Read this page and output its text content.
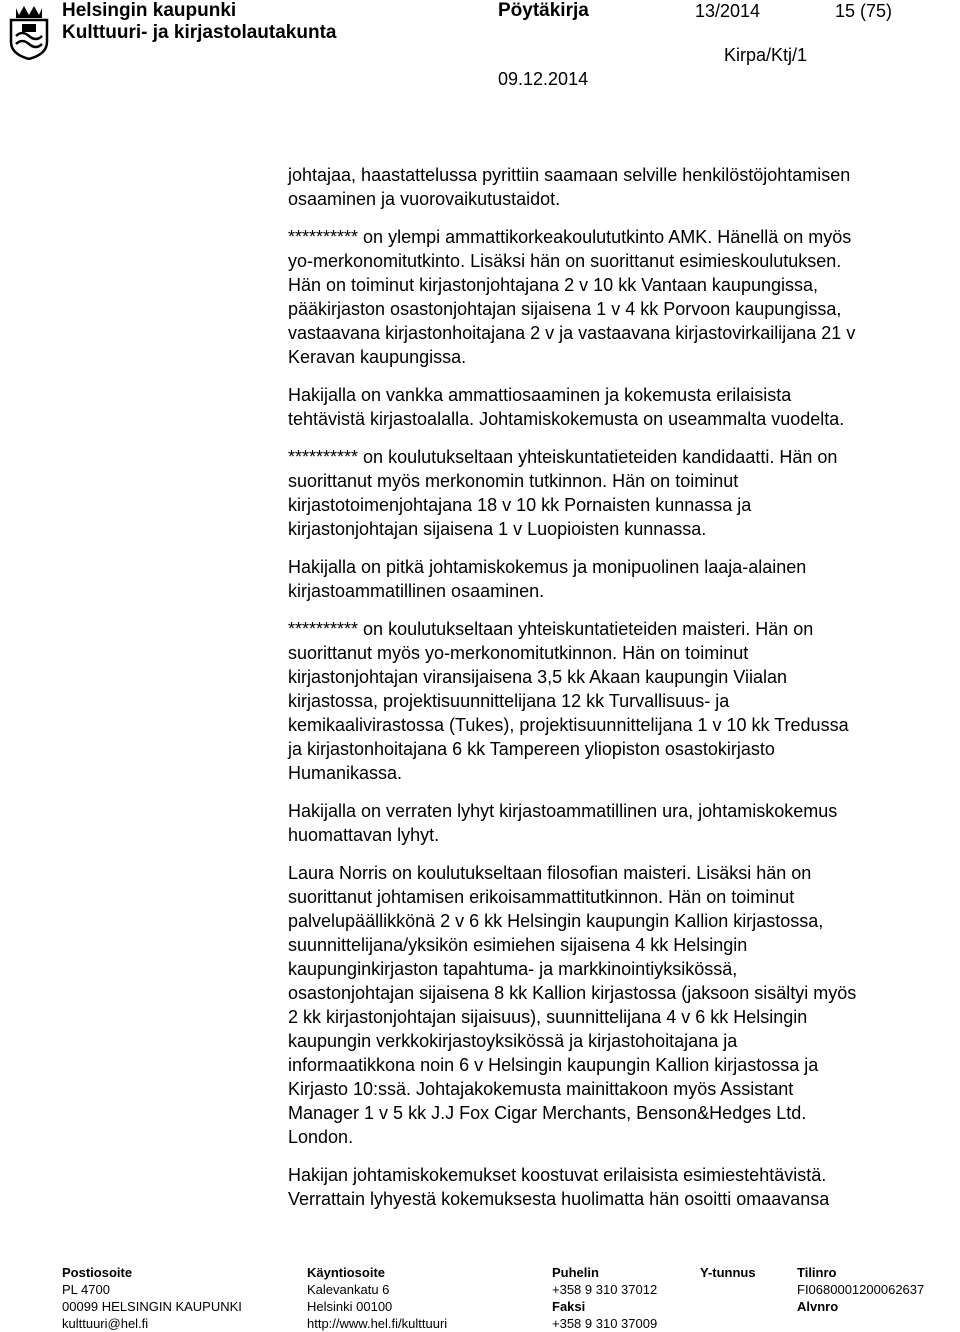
Helsingin kaupunki
Kulttuuri- ja kirjastolautakunta
Pöytäkirja	13/2014	15 (75)
Kirpa/Ktj/1
09.12.2014

johtajaa, haastattelussa pyrittiin saamaan selville henkilöstöjohtamisen
osaaminen ja vuorovaikutustaidot.

********** on ylempi ammattikorkeakoulututkinto AMK. Hänellä on myös
yo-merkonomitutkinto. Lisäksi hän on suorittanut esimieskoulutuksen.
Hän on toiminut kirjastonjohtajana 2 v 10 kk Vantaan kaupungissa,
pääkirjaston osastonjohtajan sijaisena 1 v 4 kk Porvoon kaupungissa,
vastaavana kirjastonhoitajana 2 v ja vastaavana kirjastovirkailijana 21 v
Keravan kaupungissa.

Hakijalla on vankka ammattiosaaminen ja kokemusta erilaisista
tehtävistä kirjastoalalla. Johtamiskokemusta on useammalta vuodelta.

********** on koulutukseltaan yhteiskuntatieteiden kandidaatti. Hän on
suorittanut myös merkonomin tutkinnon. Hän on toiminut
kirjastotoimenjohtajana 18 v 10 kk Pornaisten kunnassa ja
kirjastonjohtajan sijaisena 1 v Luopioisten kunnassa.

Hakijalla on pitkä johtamiskokemus ja monipuolinen laaja-alainen
kirjastoammatillinen osaaminen.

********** on koulutukseltaan yhteiskuntatieteiden maisteri. Hän on
suorittanut myös yo-merkonomitutkinnon. Hän on toiminut
kirjastonjohtajan viransijaisena 3,5 kk Akaan kaupungin Viialan
kirjastossa, projektisuunnittelijana 12 kk Turvallisuus- ja
kemikaalivirastossa (Tukes), projektisuunnittelijana 1 v 10 kk Tredussa
ja kirjastonhoitajana 6 kk Tampereen yliopiston osastokirjasto
Humanikassa.

Hakijalla on verraten lyhyt kirjastoammatillinen ura, johtamiskokemus
huomattavan lyhyt.

Laura Norris on koulutukseltaan filosofian maisteri. Lisäksi hän on
suorittanut johtamisen erikoisammattitutkinnon. Hän on toiminut
palvelupäällikkönä 2 v 6 kk Helsingin kaupungin Kallion kirjastossa,
suunnittelijana/yksikön esimiehen sijaisena 4 kk Helsingin
kaupunginkirjaston tapahtuma- ja markkinointiyksikössä,
osastonjohtajan sijaisena 8 kk Kallion kirjastossa (jaksoon sisältyi myös
2 kk kirjastonjohtajan sijaisuus), suunnittelijana 4 v 6 kk Helsingin
kaupungin verkkokirjastoyksikössä ja kirjastohoitajana ja
informaatikkona noin 6 v Helsingin kaupungin Kallion kirjastossa ja
Kirjasto 10:ssä. Johtajakokemusta mainittakoon myös Assistant
Manager 1 v 5 kk J.J Fox Cigar Merchants, Benson&Hedges Ltd.
London.

Hakijan johtamiskokemukset koostuvat erilaisista esimiestehtävistä.
Verrattain lyhyestä kokemuksesta huolimatta hän osoitti omaavansa

Postiosoite
PL 4700
00099 HELSINGIN KAUPUNKI
kulttuuri@hel.fi
Käyntiosoite
Kalevankatu 6
Helsinki 00100
http://www.hel.fi/kulttuuri
Puhelin
+358 9 310 37012
Faksi
+358 9 310 37009
Y-tunnus	Tilinro
FI0680001200062637
Alvnro
